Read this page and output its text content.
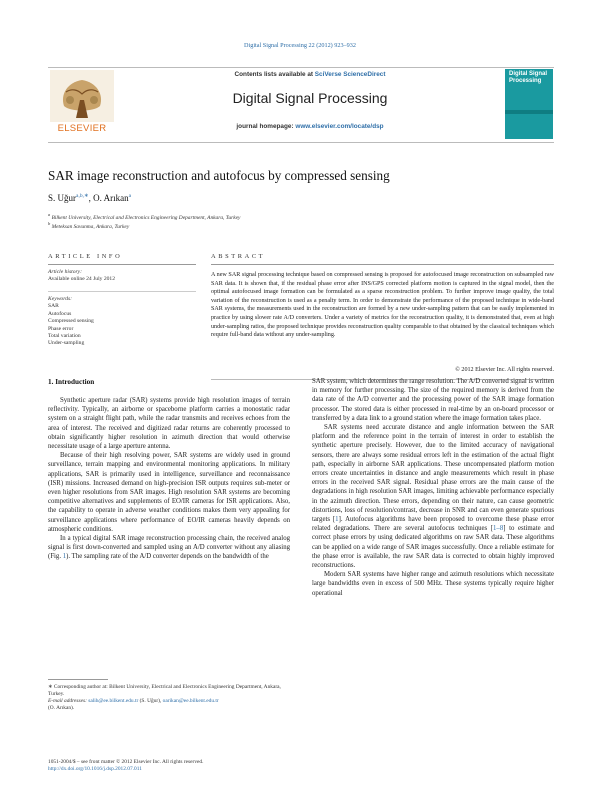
Digital Signal Processing 22 (2012) 923–932
ELSEVIER
Contents lists available at SciVerse ScienceDirect
Digital Signal Processing
journal homepage: www.elsevier.com/locate/dsp
Digital Signal Processing
SAR image reconstruction and autofocus by compressed sensing
S. Uğur$^{a,b,∗}$, O. Arıkan$^a$
$^a$ Bilkent University, Electrical and Electronics Engineering Department, Ankara, Turkey
$^b$ Meteksan Savunma, Ankara, Turkey
ARTICLE INFO
Article history:
Available online 24 July 2012
Keywords:
SAR
Autofocus
Compressed sensing
Phase error
Total variation
Under-sampling
ABSTRACT
A new SAR signal processing technique based on compressed sensing is proposed for autofocused image reconstruction on subsampled raw SAR data. It is shown that, if the residual phase error after INS/GPS corrected platform motion is captured in the signal model, then the optimal autofocused image formation can be formulated as a sparse reconstruction problem. To further improve image quality, the total variation of the reconstruction is used as a penalty term. In order to demonstrate the performance of the proposed technique in wide-band SAR systems, the measurements used in the reconstruction are formed by a new under-sampling pattern that can be easily implemented in practice by using slower rate A/D converters. Under a variety of metrics for the reconstruction quality, it is demonstrated that, even at high under-sampling ratios, the proposed technique provides reconstruction quality comparable to that obtained by the classical techniques which require full-band data without any under-sampling.
© 2012 Elsevier Inc. All rights reserved.
1. Introduction

Synthetic aperture radar (SAR) systems provide high resolution images of terrain reflectivity. Typically, an airborne or spaceborne platform carries a monostatic radar system on a straight flight path, while the radar transmits and receives echoes from the area of interest. The received and digitized radar returns are coherently processed to obtain significantly higher resolution in azimuth direction that would otherwise necessitate usage of a large aperture antenna.

Because of their high resolving power, SAR systems are widely used in ground surveillance, terrain mapping and environmental monitoring applications. In military applications, SAR is primarily used in intelligence, surveillance and reconnaissance (ISR) missions. Increased demand on high-precision ISR outputs requires sub-meter or even higher resolutions from SAR images. High resolution SAR systems are becoming competitive alternatives and supplements of EO/IR cameras for ISR applications. Also, the capability to operate in adverse weather conditions makes them very appealing for surveillance applications where performance of EO/IR cameras heavily depends on atmospheric conditions.

In a typical digital SAR image reconstruction processing chain, the received analog signal is first down-converted and sampled using an A/D converter without any aliasing (Fig. 1). The sampling rate of the A/D converter depends on the bandwidth of the

SAR system, which determines the range resolution. The A/D converted signal is written in memory for further processing. The size of the required memory is derived from the data rate of the A/D converter and the processing power of the SAR image formation processor. The stored data is either processed in real-time by an on-board processor or transferred by a data link to a ground station where the image formation takes place.

SAR systems need accurate distance and angle information between the SAR platform and the reference point in the terrain of interest in order to establish the synthetic aperture precisely. However, due to the limited accuracy of navigational sensors, there are always some residual errors left in the estimation of the actual flight path, especially in airborne SAR applications. These uncompensated platform motion errors create uncertainties in distance and angle measurements which result in phase errors in the received SAR signal. Residual phase errors are the main cause of the degradations in high resolution SAR images, limiting achievable performance especially in the azimuth direction. These errors, depending on their nature, can cause geometric distortions, loss of resolution/contrast, decrease in SNR and can even generate spurious targets [1]. Autofocus algorithms have been proposed to overcome these phase error related degradations. There are several autofocus techniques [1–8] to estimate and correct phase errors by using dedicated algorithms on raw SAR data. These algorithms can be applied on a wide range of SAR images successfully. Once a reliable estimate for the phase error is available, the raw SAR data is corrected to obtain highly improved reconstructions.

Modern SAR systems have higher range and azimuth resolutions which necessitate large bandwidths even in excess of 500 MHz. These systems typically require higher operational

∗ Corresponding author at: Bilkent University, Electrical and Electronics Engineering Department, Ankara, Turkey.
E-mail addresses: salih@ee.bilkent.edu.tr (S. Uğur), oarikan@ee.bilkent.edu.tr
(O. Arıkan).
1051-2004/$ – see front matter © 2012 Elsevier Inc. All rights reserved.
http://dx.doi.org/10.1016/j.dsp.2012.07.011
